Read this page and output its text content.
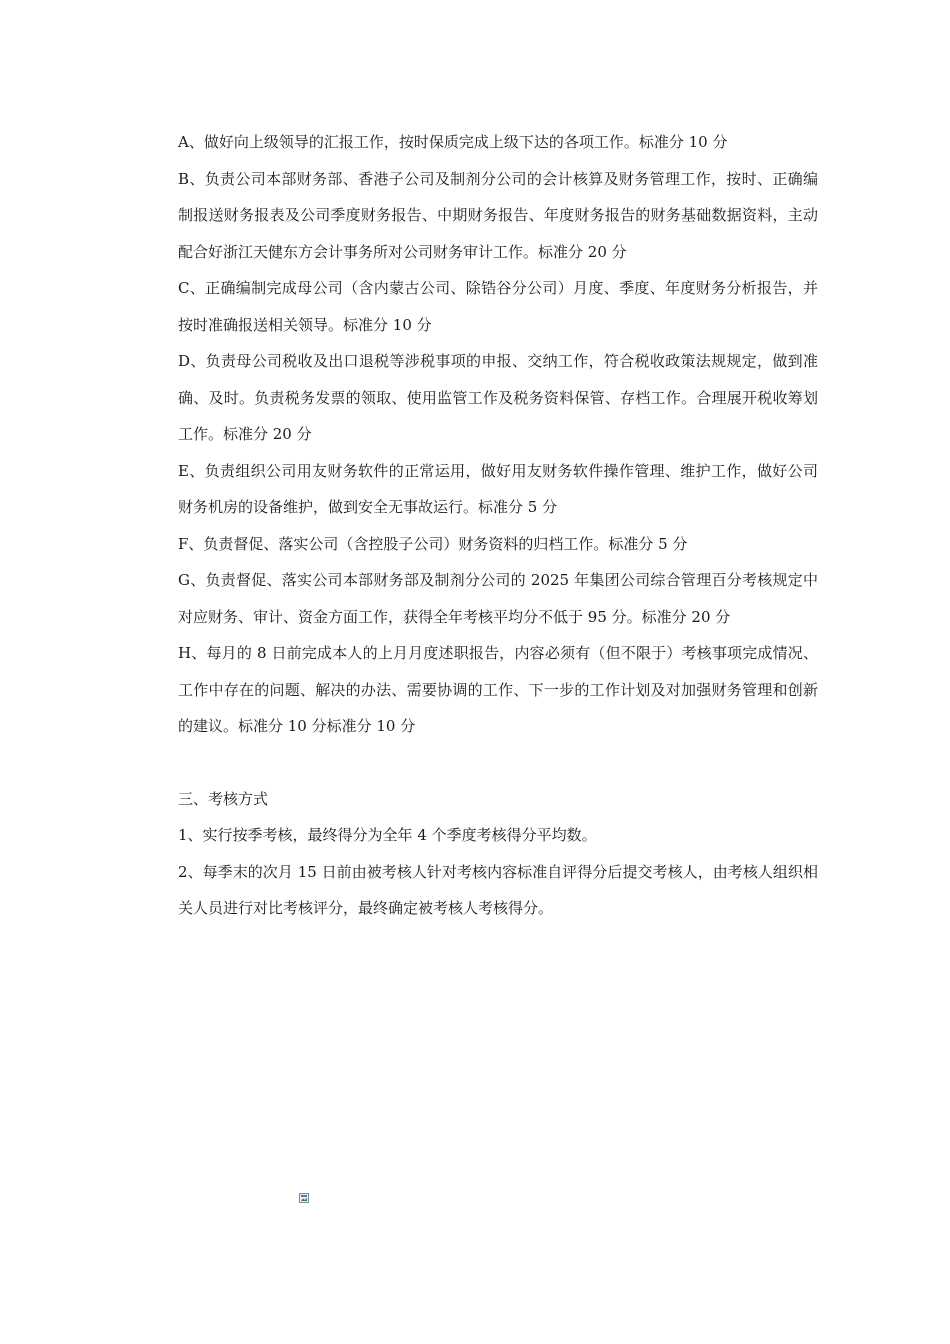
A、做好向上级领导的汇报工作，按时保质完成上级下达的各项工作。标准分 10 分

B、负责公司本部财务部、香港子公司及制剂分公司的会计核算及财务管理工作，按时、正确编制报送财务报表及公司季度财务报告、中期财务报告、年度财务报告的财务基础数据资料，主动配合好浙江天健东方会计事务所对公司财务审计工作。标准分 20 分

C、正确编制完成母公司（含内蒙古公司、除锆谷分公司）月度、季度、年度财务分析报告，并按时准确报送相关领导。标准分 10 分

D、负责母公司税收及出口退税等涉税事项的申报、交纳工作，符合税收政策法规规定，做到准确、及时。负责税务发票的领取、使用监管工作及税务资料保管、存档工作。合理展开税收筹划工作。标准分 20 分

E、负责组织公司用友财务软件的正常运用，做好用友财务软件操作管理、维护工作，做好公司财务机房的设备维护，做到安全无事故运行。标准分 5 分

F、负责督促、落实公司（含控股子公司）财务资料的归档工作。标准分 5 分

G、负责督促、落实公司本部财务部及制剂分公司的 2025 年集团公司综合管理百分考核规定中对应财务、审计、资金方面工作，获得全年考核平均分不低于 95 分。标准分 20 分

H、每月的 8 日前完成本人的上月月度述职报告，内容必须有（但不限于）考核事项完成情况、工作中存在的问题、解决的办法、需要协调的工作、下一步的工作计划及对加强财务管理和创新的建议。标准分 10 分标准分 10 分

三、考核方式

1、实行按季考核，最终得分为全年 4 个季度考核得分平均数。

2、每季末的次月 15 日前由被考核人针对考核内容标准自评得分后提交考核人，由考核人组织相关人员进行对比考核评分，最终确定被考核人考核得分。
